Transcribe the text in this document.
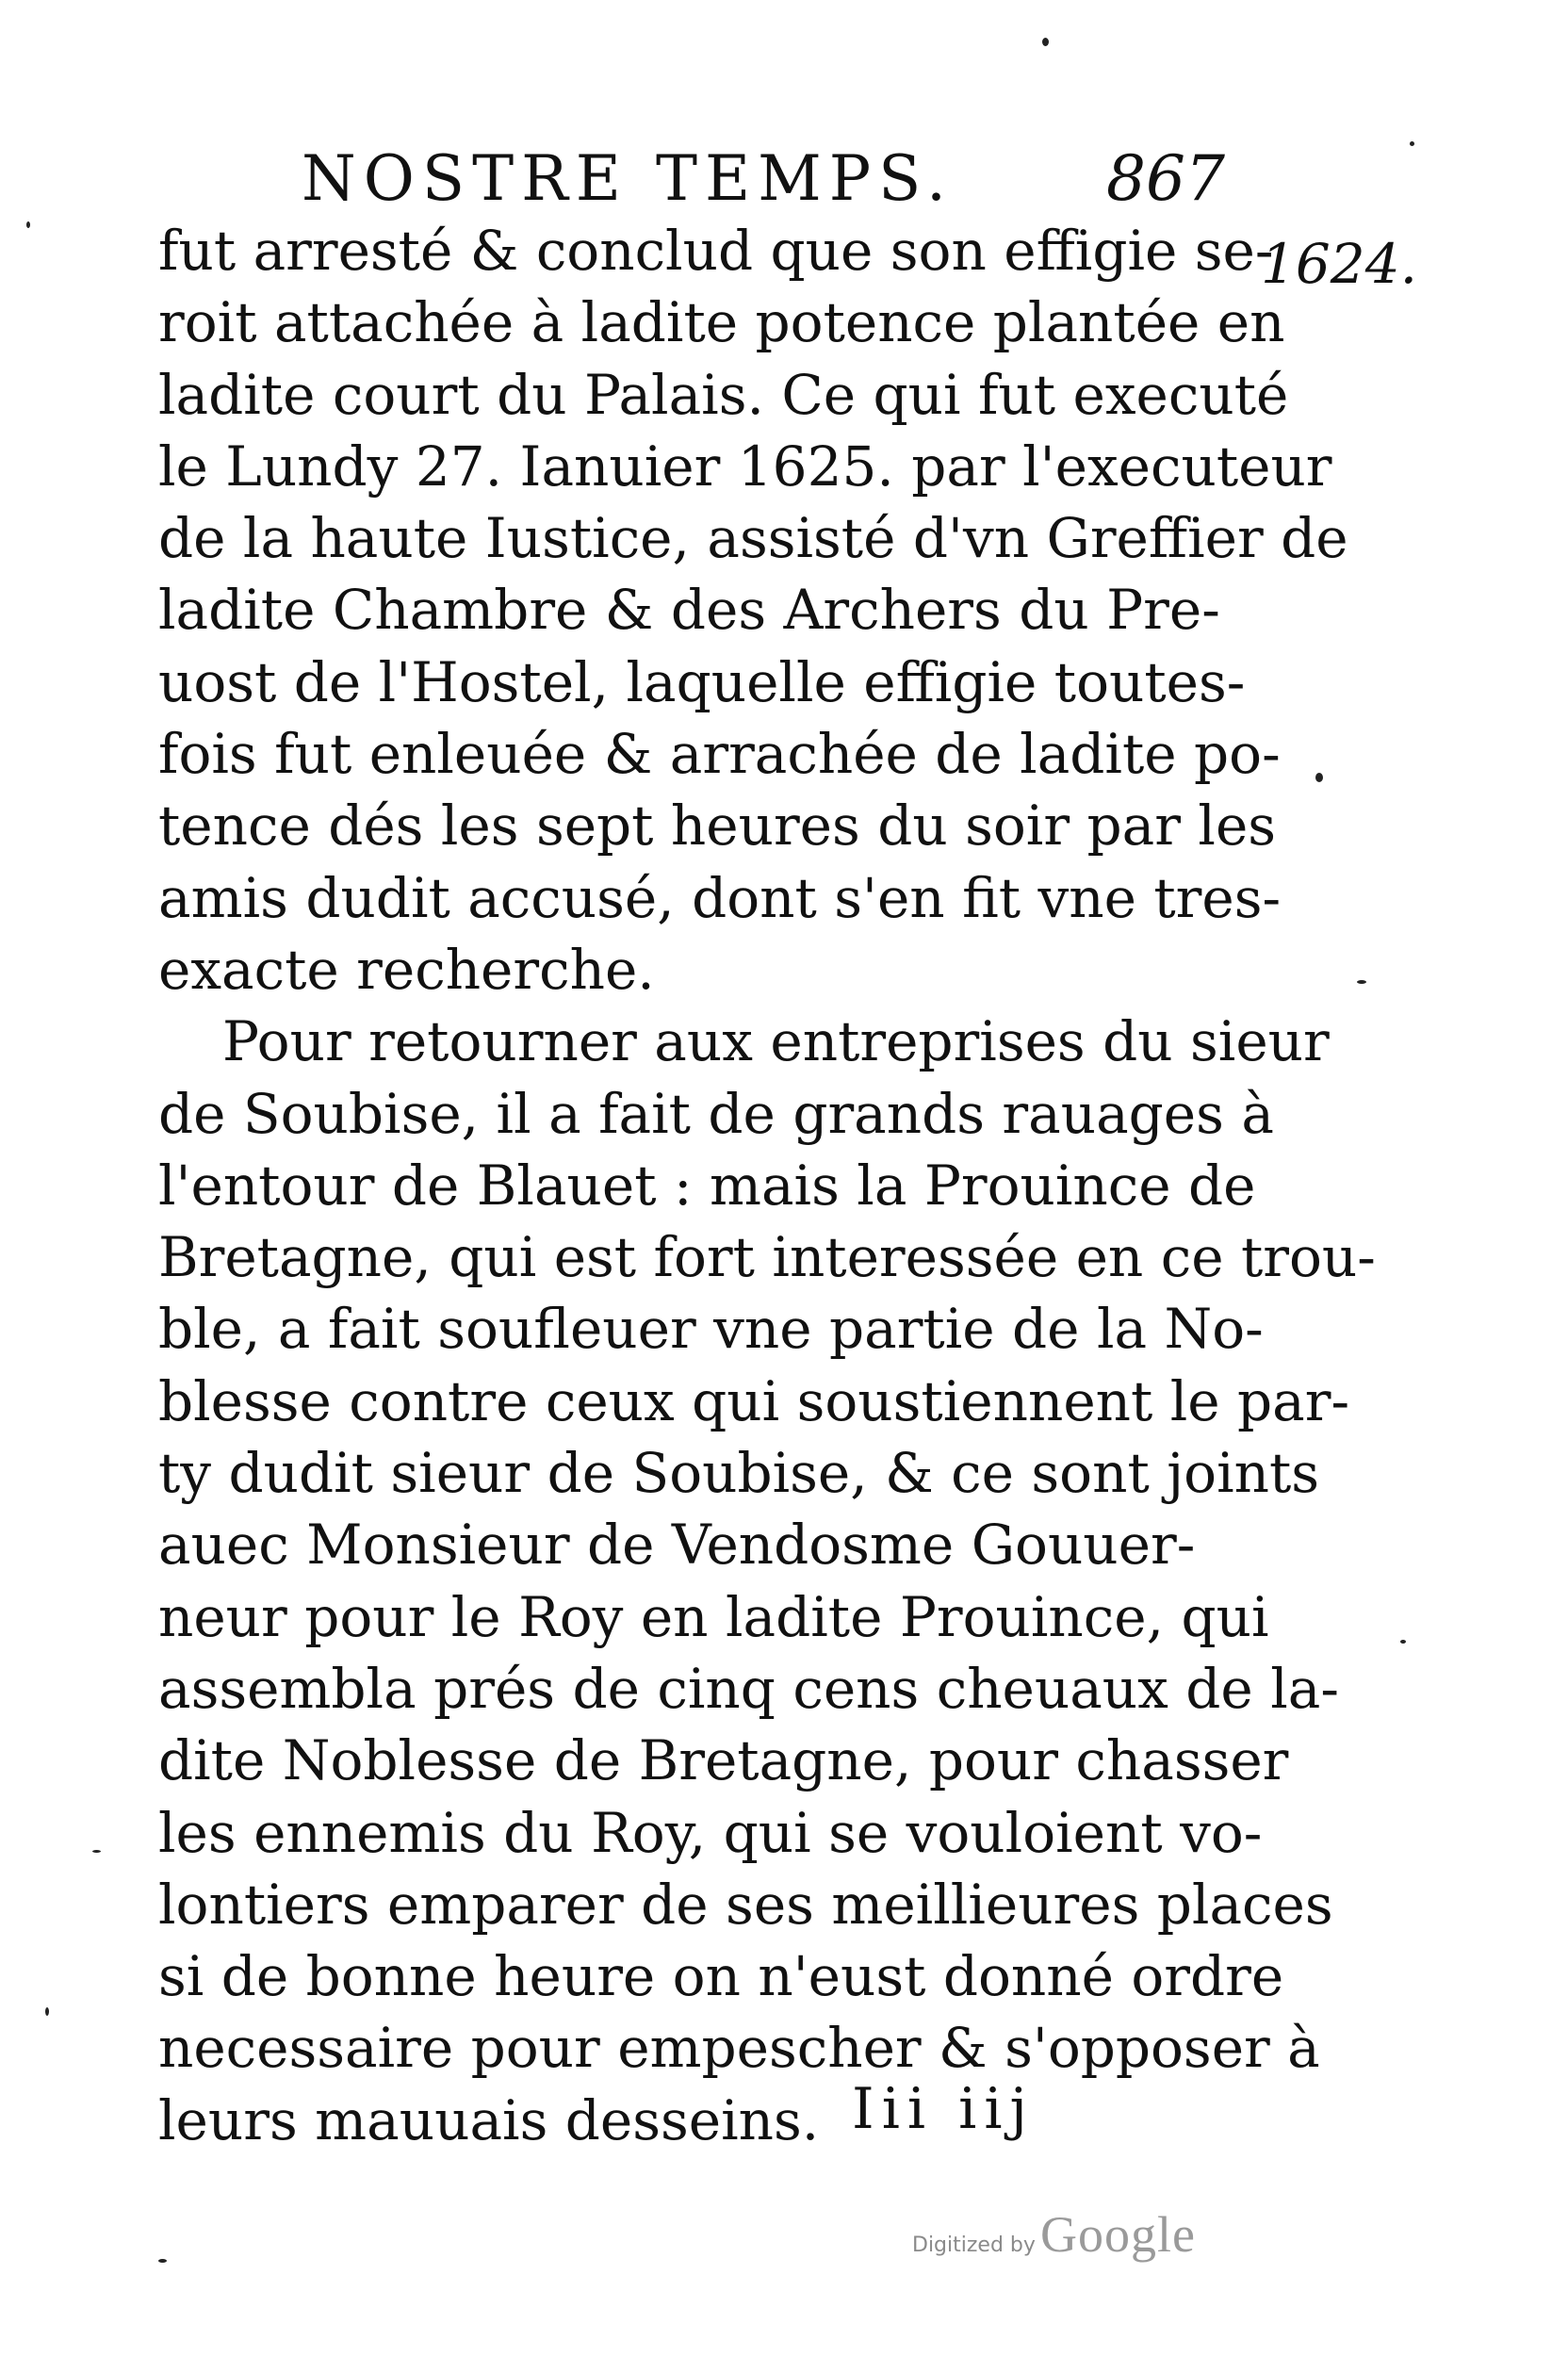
NOSTRE TEMPS. 867
1624.
fut arresté & conclud que son effigie se-
roit attachée à ladite potence plantée en
ladite court du Palais. Ce qui fut executé
le Lundy 27. Ianuier 1625. par l'executeur
de la haute Iustice, assisté d'vn Greffier de
ladite Chambre & des Archers du Pre-
uost de l'Hostel, laquelle effigie toutes-
fois fut enleuée & arrachée de ladite po-
tence dés les sept heures du soir par les
amis dudit accusé, dont s'en fit vne tres-
exacte recherche.
Pour retourner aux entreprises du sieur
de Soubise, il a fait de grands rauages à
l'entour de Blauet : mais la Prouince de
Bretagne, qui est fort interessée en ce trou-
ble, a fait soufleuer vne partie de la No-
blesse contre ceux qui soustiennent le par-
ty dudit sieur de Soubise, & ce sont joints
auec Monsieur de Vendosme Gouuer-
neur pour le Roy en ladite Prouince, qui
assembla prés de cinq cens cheuaux de la-
dite Noblesse de Bretagne, pour chasser
les ennemis du Roy, qui se vouloient vo-
lontiers emparer de ses meillieures places
si de bonne heure on n'eust donné ordre
necessaire pour empescher & s'opposer à
leurs mauuais desseins. Iii iij
Digitized by Google
